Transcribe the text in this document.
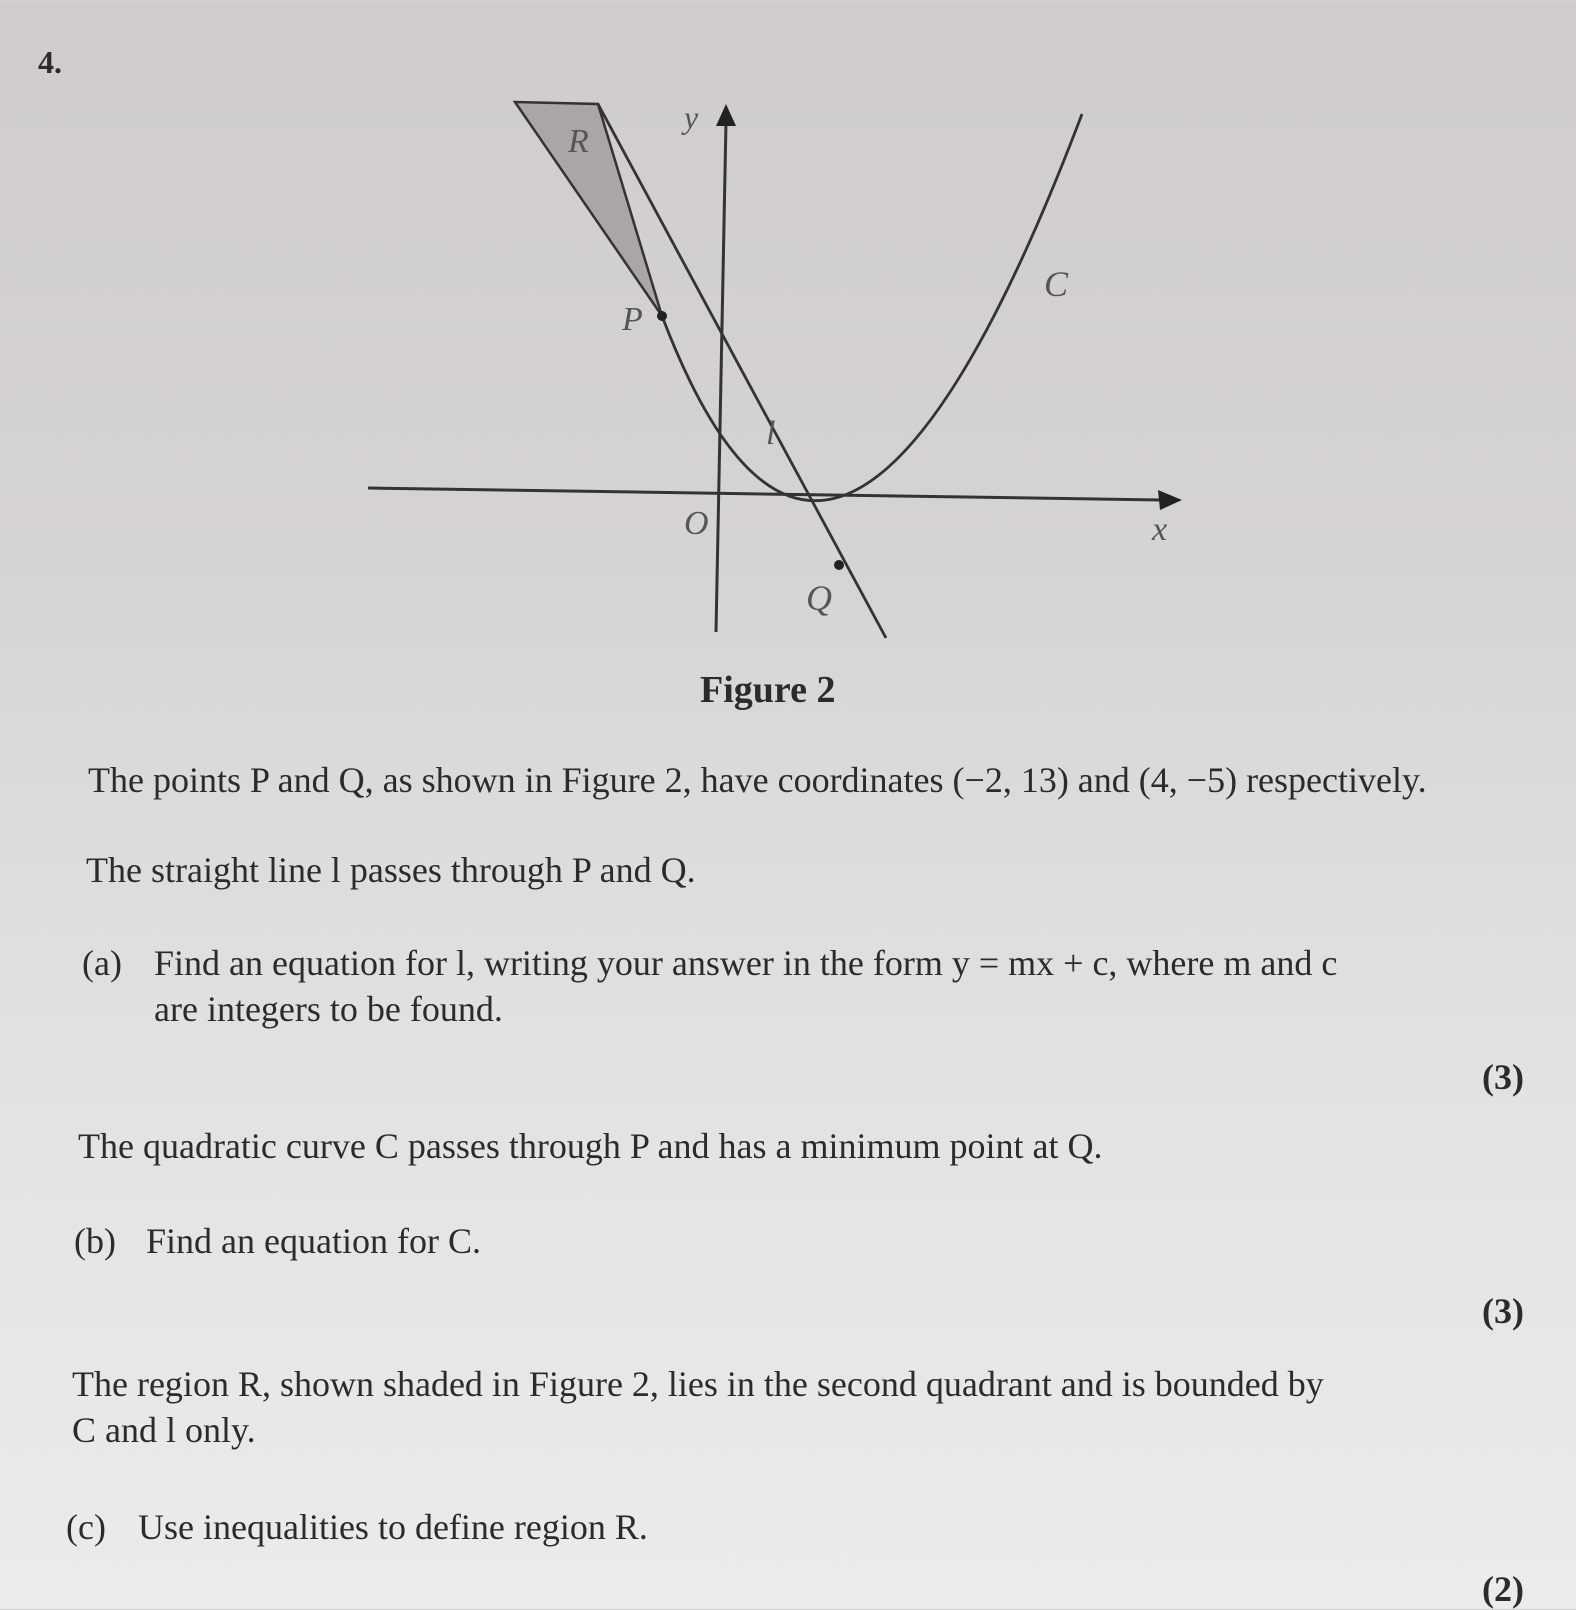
4.
y
x
O
R
P
Q
l
C
Figure 2
The points P and Q, as shown in Figure 2, have coordinates (−2, 13) and (4, −5) respectively.
The straight line l passes through P and Q.
(a) Find an equation for l, writing your answer in the form y = mx + c, where m and c
are integers to be found.
(3)
The quadratic curve C passes through P and has a minimum point at Q.
(b) Find an equation for C.
(3)
The region R, shown shaded in Figure 2, lies in the second quadrant and is bounded by
C and l only.
(c) Use inequalities to define region R.
(2)
